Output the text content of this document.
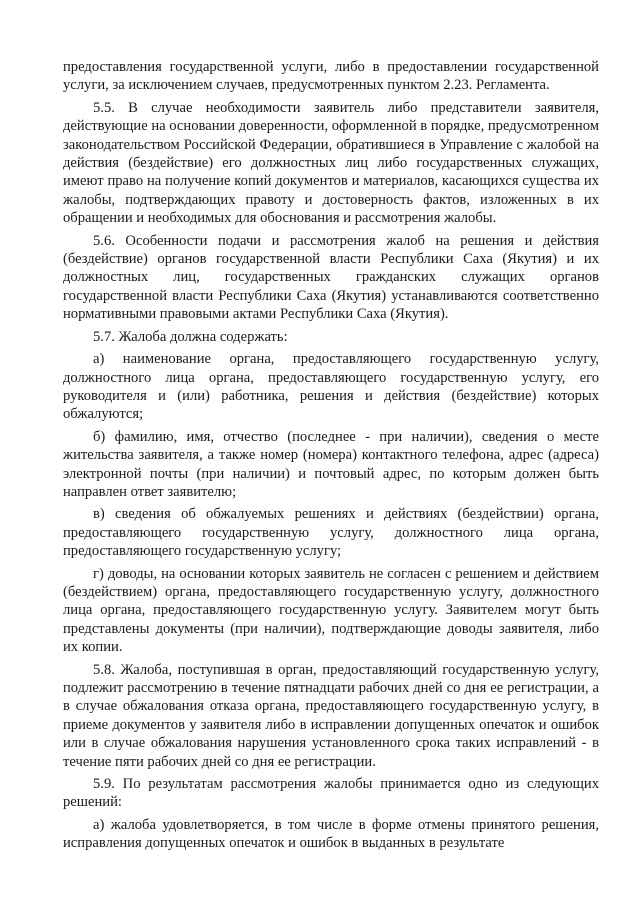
предоставления государственной услуги, либо в предоставлении государственной услуги, за исключением случаев, предусмотренных пунктом 2.23. Регламента.

5.5. В случае необходимости заявитель либо представители заявителя, действующие на основании доверенности, оформленной в порядке, предусмотренном законодательством Российской Федерации, обратившиеся в Управление с жалобой на действия (бездействие) его должностных лиц либо государственных служащих, имеют право на получение копий документов и материалов, касающихся существа их жалобы, подтверждающих правоту и достоверность фактов, изложенных в их обращении и необходимых для обоснования и рассмотрения жалобы.

5.6. Особенности подачи и рассмотрения жалоб на решения и действия (бездействие) органов государственной власти Республики Саха (Якутия) и их должностных лиц, государственных гражданских служащих органов государственной власти Республики Саха (Якутия) устанавливаются соответственно нормативными правовыми актами Республики Саха (Якутия).

5.7. Жалоба должна содержать:

а) наименование органа, предоставляющего государственную услугу, должностного лица органа, предоставляющего государственную услугу, его руководителя и (или) работника, решения и действия (бездействие) которых обжалуются;

б) фамилию, имя, отчество (последнее - при наличии), сведения о месте жительства заявителя, а также номер (номера) контактного телефона, адрес (адреса) электронной почты (при наличии) и почтовый адрес, по которым должен быть направлен ответ заявителю;

в) сведения об обжалуемых решениях и действиях (бездействии) органа, предоставляющего государственную услугу, должностного лица органа, предоставляющего государственную услугу;

г) доводы, на основании которых заявитель не согласен с решением и действием (бездействием) органа, предоставляющего государственную услугу, должностного лица органа, предоставляющего государственную услугу. Заявителем могут быть представлены документы (при наличии), подтверждающие доводы заявителя, либо их копии.

5.8. Жалоба, поступившая в орган, предоставляющий государственную услугу, подлежит рассмотрению в течение пятнадцати рабочих дней со дня ее регистрации, а в случае обжалования отказа органа, предоставляющего государственную услугу, в приеме документов у заявителя либо в исправлении допущенных опечаток и ошибок или в случае обжалования нарушения установленного срока таких исправлений - в течение пяти рабочих дней со дня ее регистрации.

5.9. По результатам рассмотрения жалобы принимается одно из следующих решений:

а) жалоба удовлетворяется, в том числе в форме отмены принятого решения, исправления допущенных опечаток и ошибок в выданных в результате
